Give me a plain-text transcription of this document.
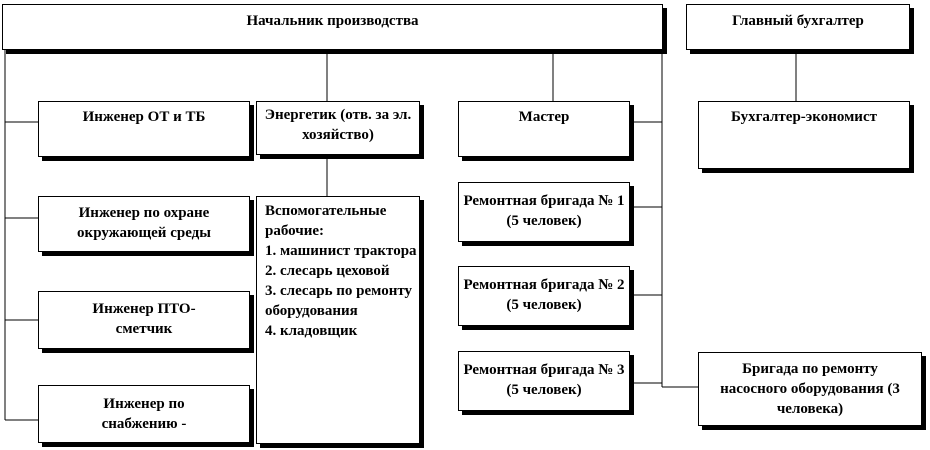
Начальник производства	Главный бухгалтер
Инженер ОТ и ТБ	Энергетик (отв. за эл. хозяйство)
Мастер	Бухгалтер-экономист
Инженер по охране окружающей среды
Вспомогательные рабочие:
1. машинист трактора
2. слесарь цеховой
3. слесарь по ремонту оборудования
4. кладовщик
Ремонтная бригада № 1 (5 человек)
Ремонтная бригада № 2 (5 человек)
Ремонтная бригада № 3 (5 человек)
Бригада по ремонту насосного оборудования (3 человека)
Инженер ПТО-сметчик
Инженер по снабжению -
